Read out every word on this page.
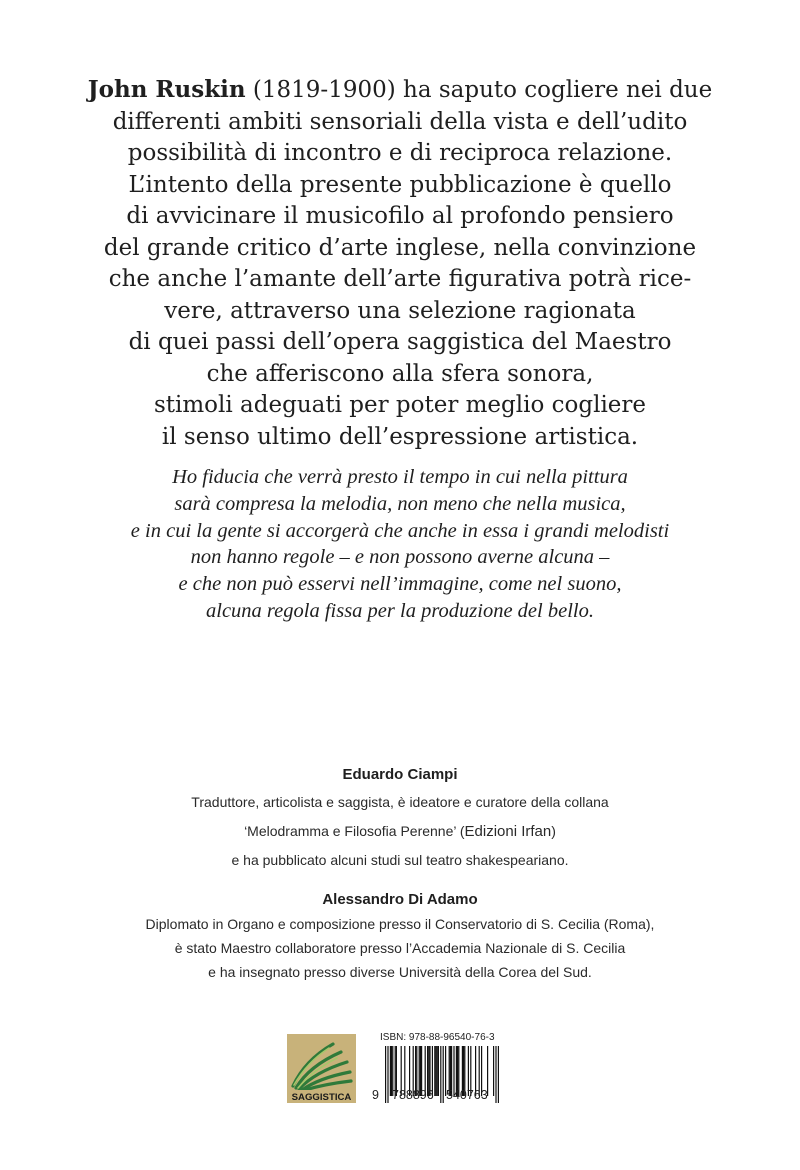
John Ruskin (1819-1900) ha saputo cogliere nei due
differenti ambiti sensoriali della vista e dell’udito
possibilità di incontro e di reciproca relazione.
L’intento della presente pubblicazione è quello
di avvicinare il musicofilo al profondo pensiero
del grande critico d’arte inglese, nella convinzione
che anche l’amante dell’arte figurativa potrà rice-
vere, attraverso una selezione ragionata
di quei passi dell’opera saggistica del Maestro
che afferiscono alla sfera sonora,
stimoli adeguati per poter meglio cogliere
il senso ultimo dell’espressione artistica.
Ho fiducia che verrà presto il tempo in cui nella pittura
sarà compresa la melodia, non meno che nella musica,
e in cui la gente si accorgerà che anche in essa i grandi melodisti
non hanno regole – e non possono averne alcuna –
e che non può esservi nell’immagine, come nel suono,
alcuna regola fissa per la produzione del bello.
Eduardo Ciampi
Traduttore, articolista e saggista, è ideatore e curatore della collana
‘Melodramma e Filosofia Perenne’ (Edizioni Irfan)
e ha pubblicato alcuni studi sul teatro shakespeariano.
Alessandro Di Adamo
Diplomato in Organo e composizione presso il Conservatorio di S. Cecilia (Roma),
è stato Maestro collaboratore presso l’Accademia Nazionale di S. Cecilia
e ha insegnato presso diverse Università della Corea del Sud.
SAGGISTICA
ISBN: 978-88-96540-76-3
9 788896 540763
